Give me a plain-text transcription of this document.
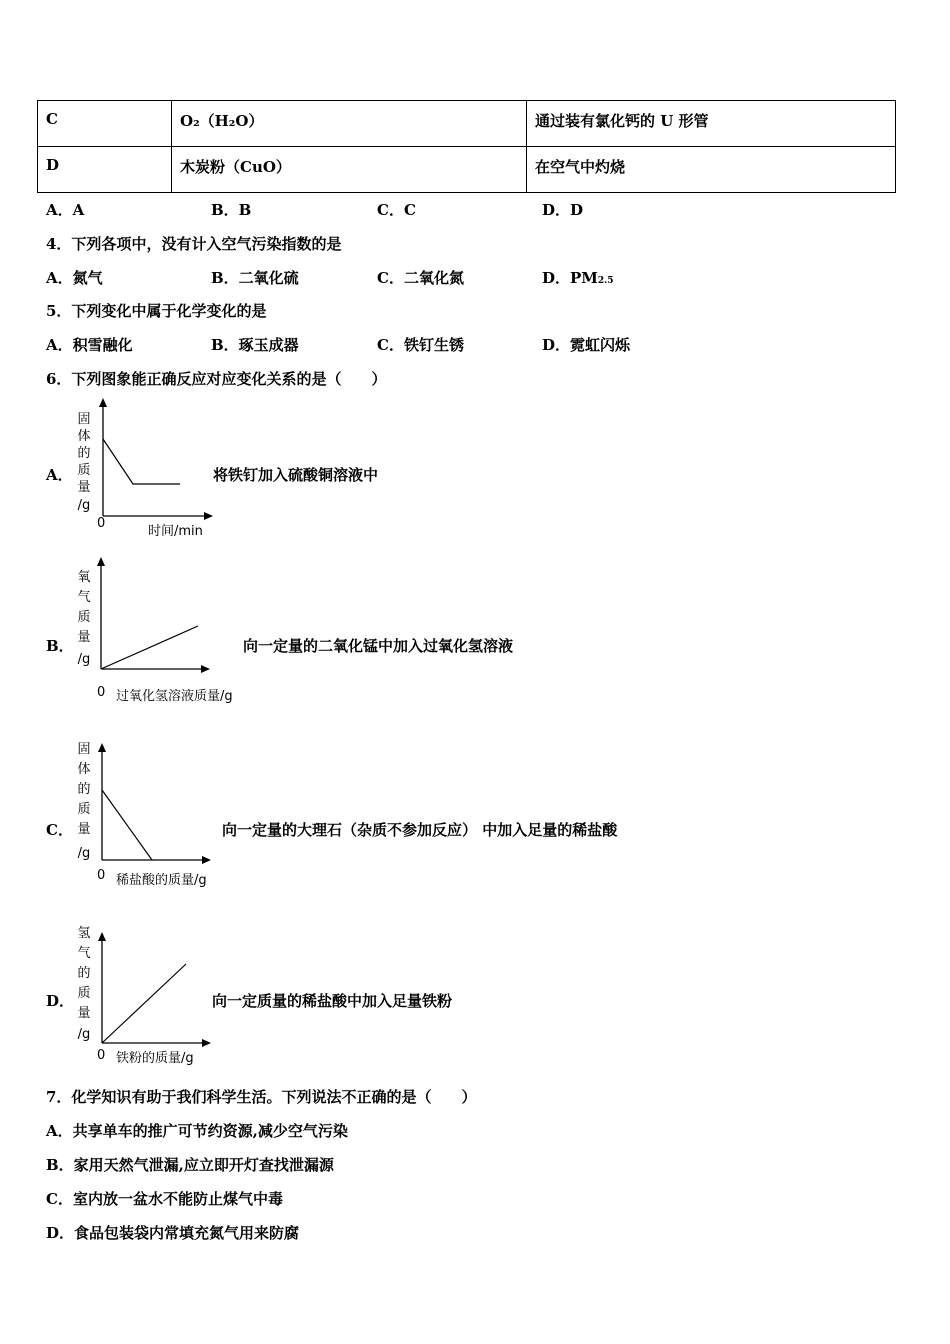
C	O₂（H₂O）	通过装有氯化钙的 U 形管
D	木炭粉（CuO）	在空气中灼烧
A．A	B．B	C．C	D．D
4．下列各项中，没有计入空气污染指数的是
A．氮气	B．二氧化硫	C．二氧化氮	D．PM2.5
5．下列变化中属于化学变化的是
A．积雪融化	B．琢玉成器	C．铁钉生锈	D．霓虹闪烁
6．下列图象能正确反应对应变化关系的是（　　）
A．
固
体
的
质
量
/g
0
时间/min
将铁钉加入硫酸铜溶液中
B．
氧
气
质
量
/g
0 过氧化氢溶液质量/g
向一定量的二氧化锰中加入过氧化氢溶液
C．
固
体
的
质
量
/g
0 稀盐酸的质量/g
向一定量的大理石（杂质不参加反应） 中加入足量的稀盐酸
D．
氢
气
的
质
量
/g
0 铁粉的质量/g
向一定质量的稀盐酸中加入足量铁粉
7．化学知识有助于我们科学生活。下列说法不正确的是（　　）
A．共享单车的推广可节约资源,减少空气污染
B．家用天然气泄漏,应立即开灯查找泄漏源
C．室内放一盆水不能防止煤气中毒
D．食品包装袋内常填充氮气用来防腐
